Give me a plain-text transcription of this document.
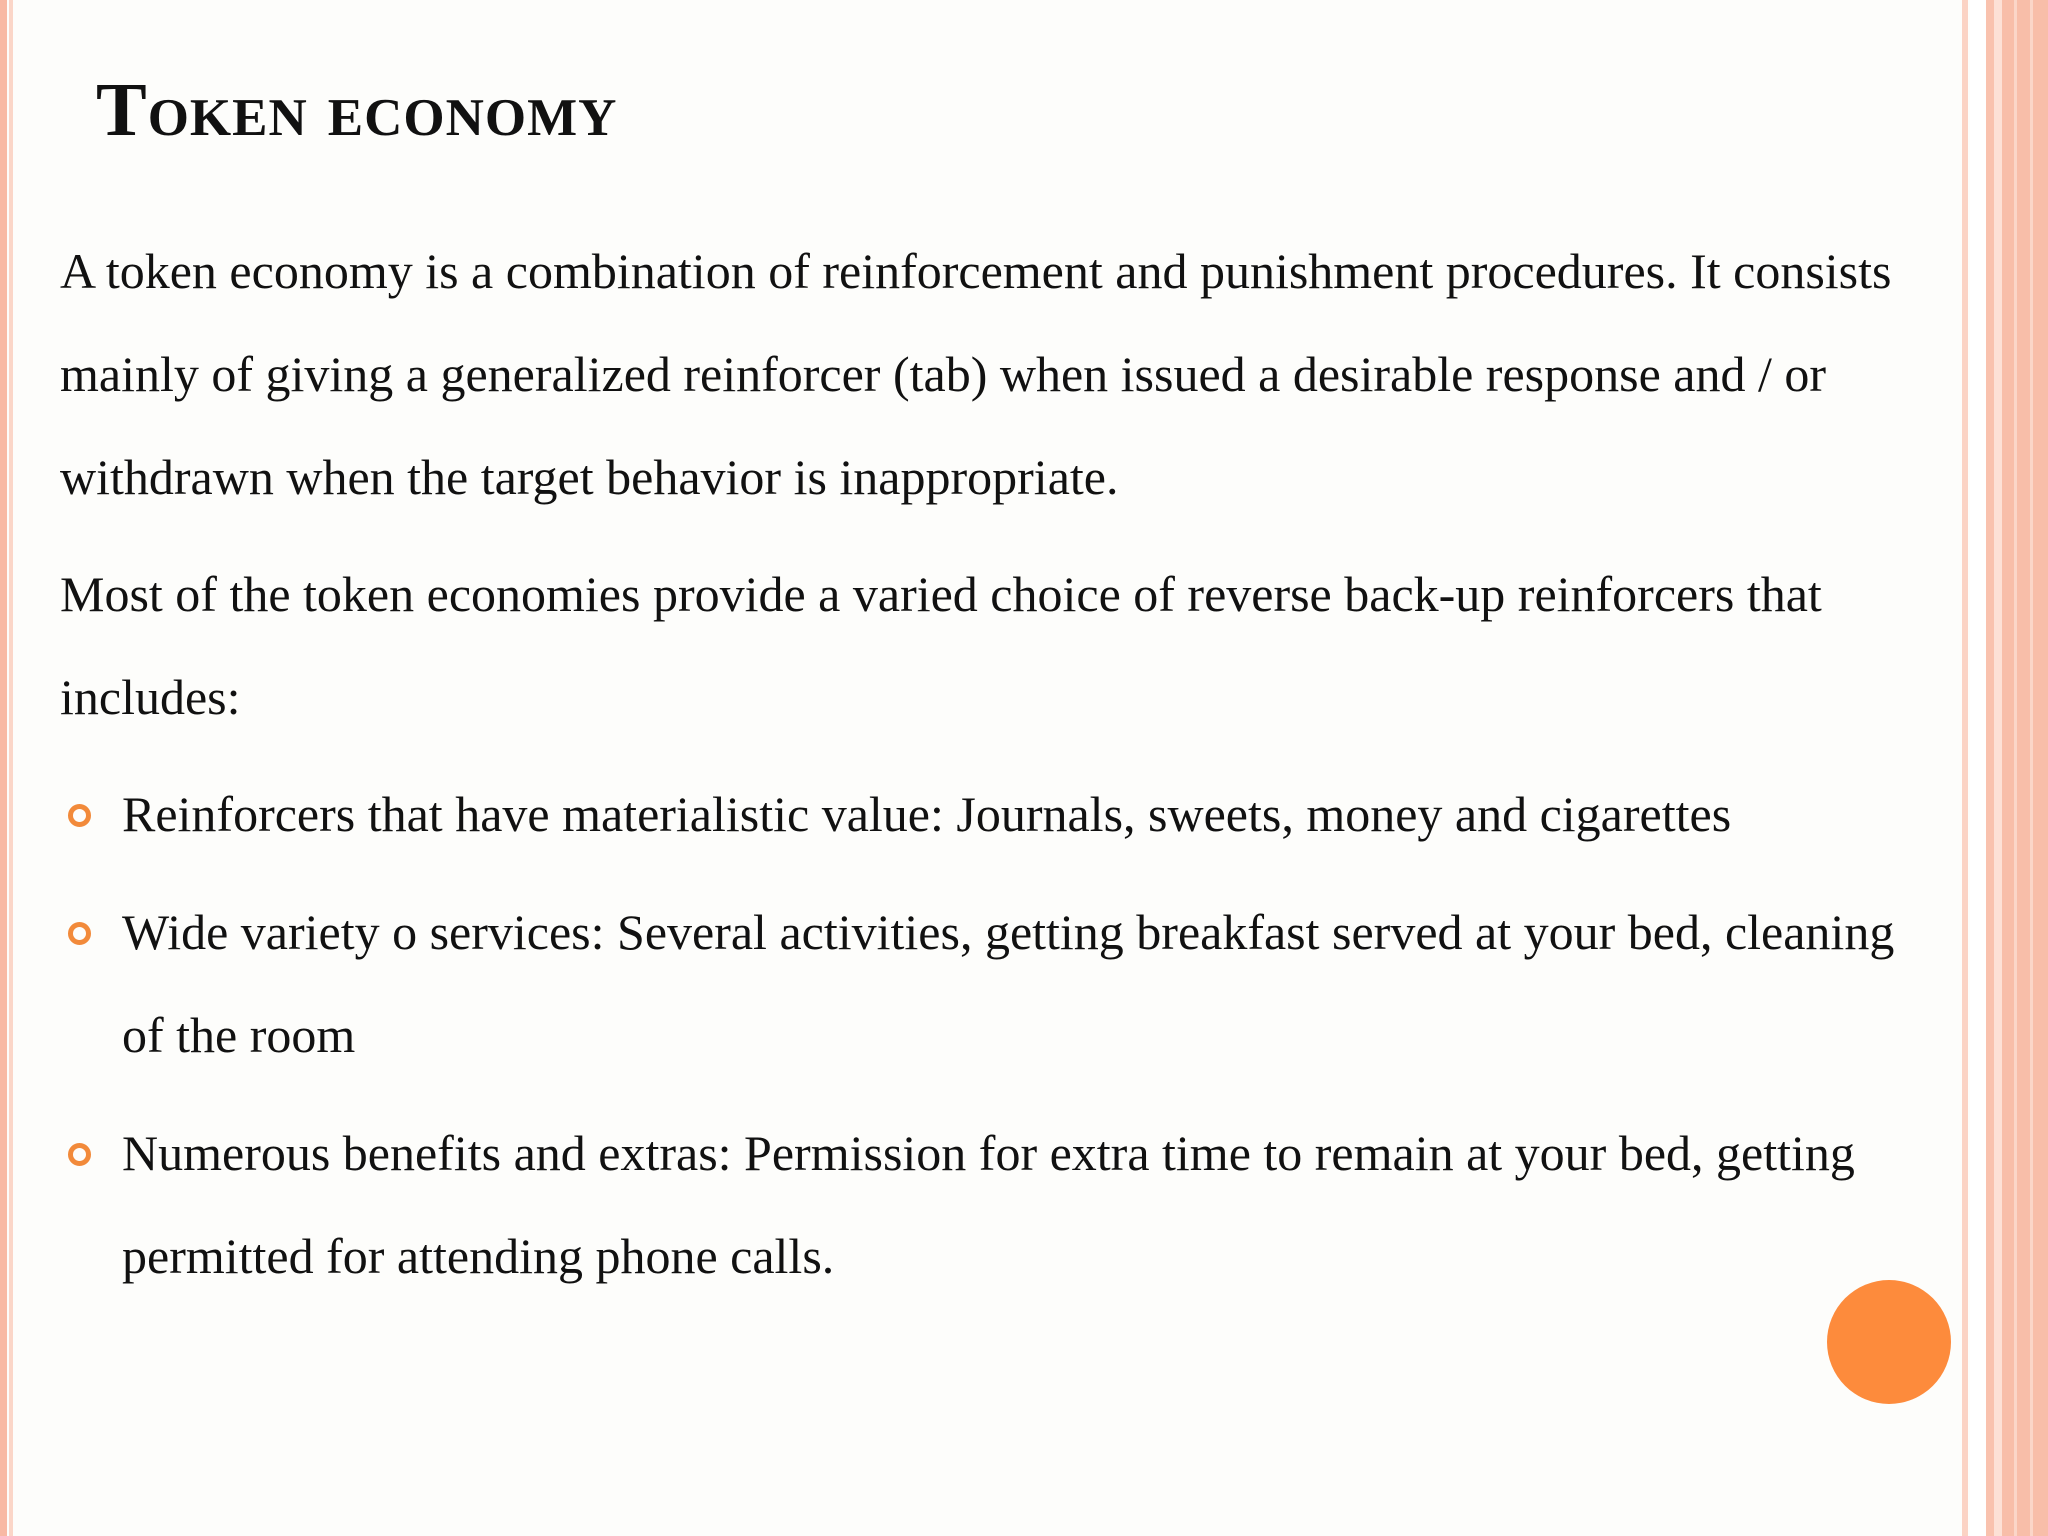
Token economy

A token economy is a combination of reinforcement and punishment procedures. It consists mainly of giving a generalized reinforcer (tab) when issued a desirable response and / or withdrawn when the target behavior is inappropriate.

Most of the token economies provide a varied choice of reverse back-up reinforcers that includes:

Reinforcers that have materialistic value: Journals, sweets, money and cigarettes
Wide variety o services: Several activities, getting breakfast served at your bed, cleaning of the room
Numerous benefits and extras: Permission for extra time to remain at your bed, getting permitted for attending phone calls.
